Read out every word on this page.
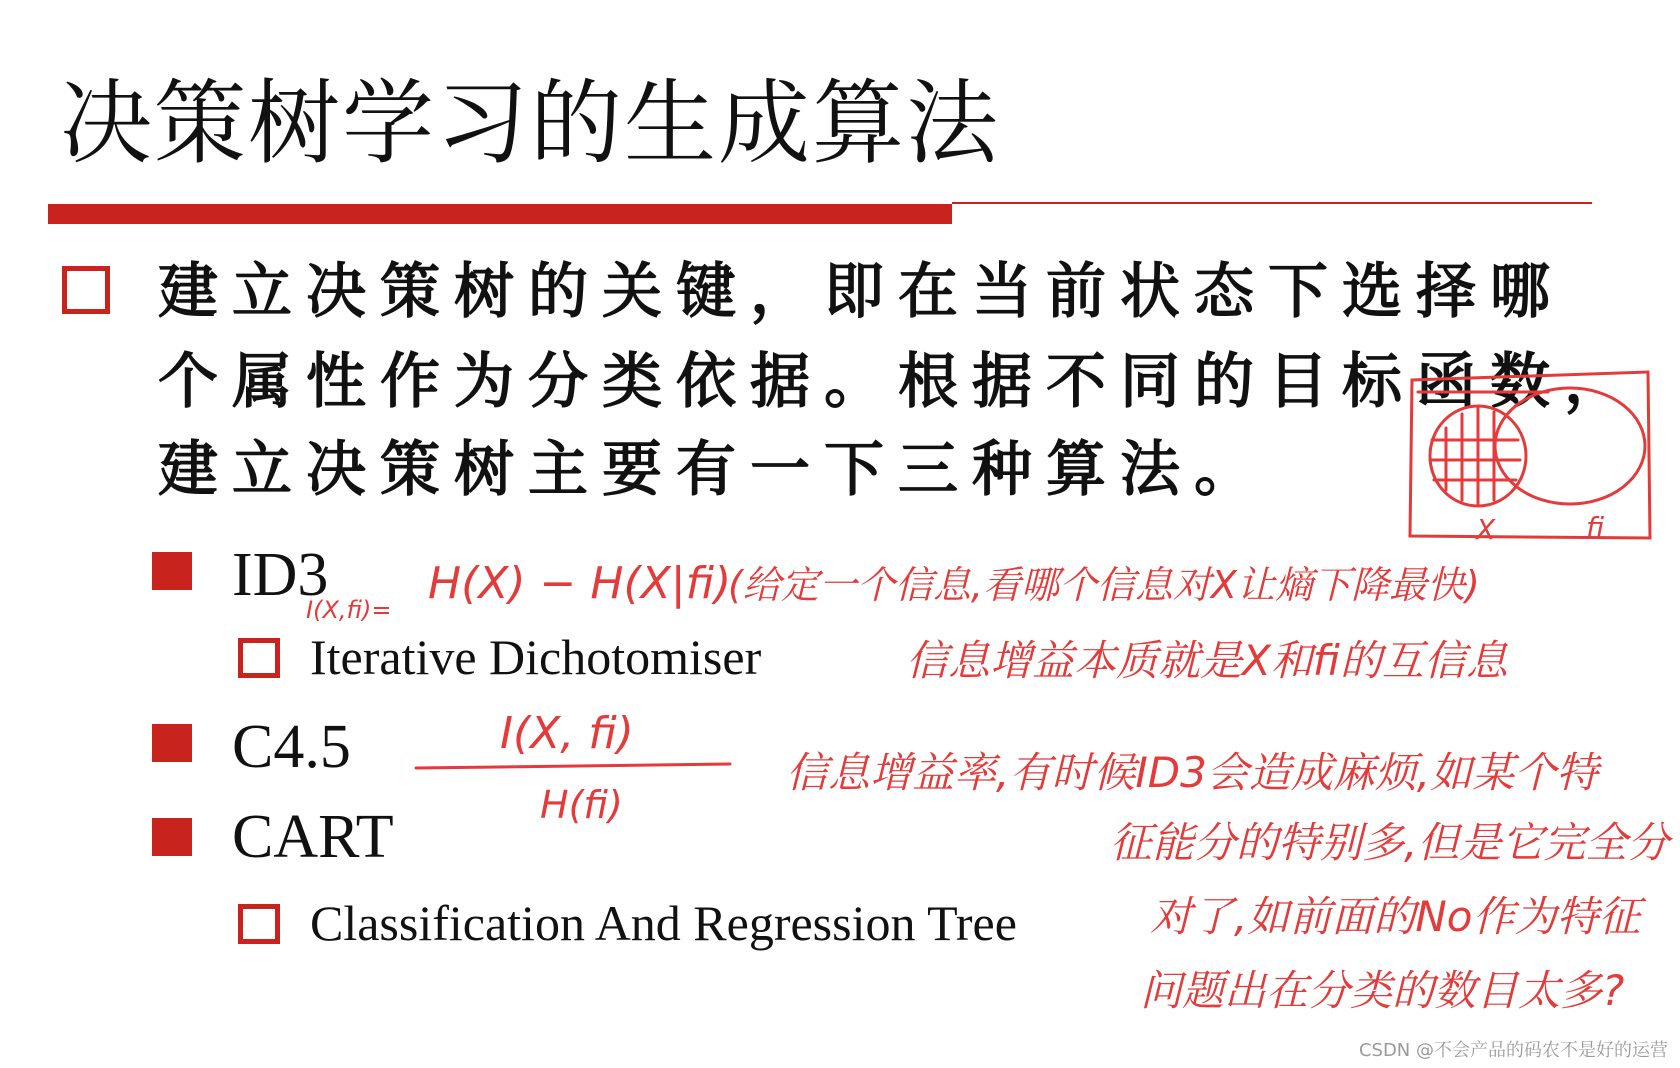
决策树学习的生成算法
建立决策树的关键，即在当前状态下选择哪
个属性作为分类依据。根据不同的目标函数，
建立决策树主要有一下三种算法。
ID3
Iterative Dichotomiser
C4.5
CART
Classification And Regression Tree
X	fi
I(X,fi)=
H(X) − H(X|fi)
(给定一个信息,看哪个信息对X让熵下降最快)
信息增益本质就是X和fi的互信息
I(X, fi)
H(fi)
信息增益率,有时候ID3会造成麻烦,如某个特
征能分的特别多,但是它完全分
对了,如前面的No作为特征
问题出在分类的数目太多?
CSDN @不会产品的码农不是好的运营
